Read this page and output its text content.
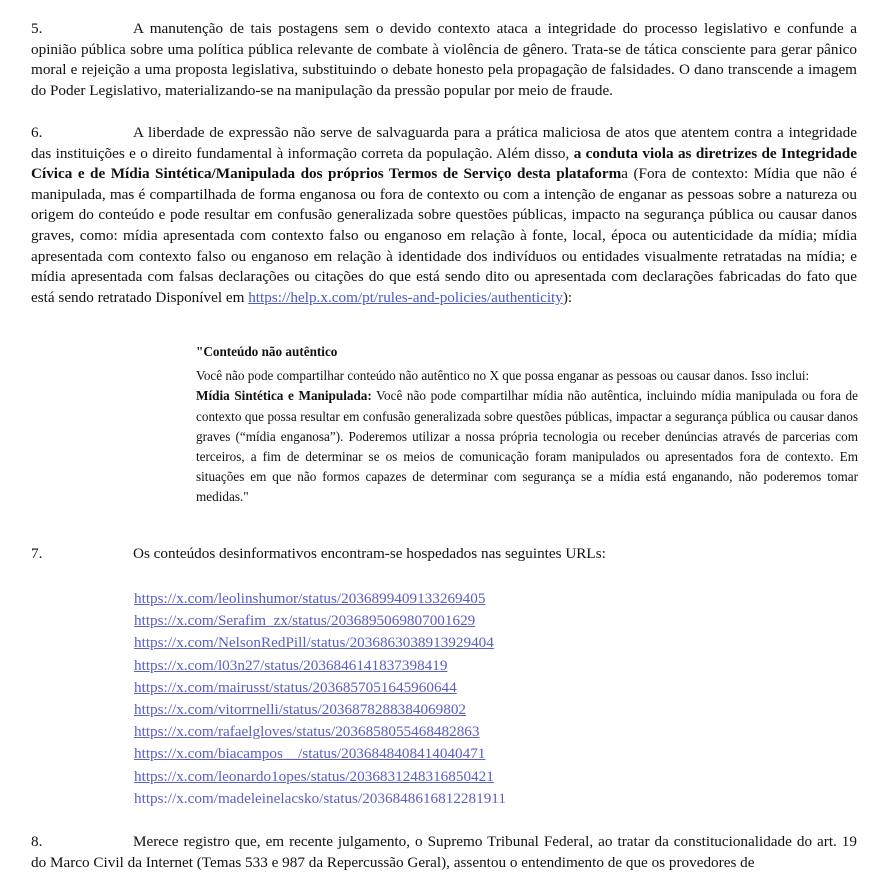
5.	A manutenção de tais postagens sem o devido contexto ataca a integridade do processo legislativo e confunde a opinião pública sobre uma política pública relevante de combate à violência de gênero. Trata-se de tática consciente para gerar pânico moral e rejeição a uma proposta legislativa, substituindo o debate honesto pela propagação de falsidades. O dano transcende a imagem do Poder Legislativo, materializando-se na manipulação da pressão popular por meio de fraude.
6.	A liberdade de expressão não serve de salvaguarda para a prática maliciosa de atos que atentem contra a integridade das instituições e o direito fundamental à informação correta da população. Além disso, a conduta viola as diretrizes de Integridade Cívica e de Mídia Sintética/Manipulada dos próprios Termos de Serviço desta plataforma (Fora de contexto: Mídia que não é manipulada, mas é compartilhada de forma enganosa ou fora de contexto ou com a intenção de enganar as pessoas sobre a natureza ou origem do conteúdo e pode resultar em confusão generalizada sobre questões públicas, impacto na segurança pública ou causar danos graves, como: mídia apresentada com contexto falso ou enganoso em relação à fonte, local, época ou autenticidade da mídia; mídia apresentada com contexto falso ou enganoso em relação à identidade dos indivíduos ou entidades visualmente retratadas na mídia; e mídia apresentada com falsas declarações ou citações do que está sendo dito ou apresentada com declarações fabricadas do fato que está sendo retratado Disponível em https://help.x.com/pt/rules-and-policies/authenticity):

"Conteúdo não autêntico

Você não pode compartilhar conteúdo não autêntico no X que possa enganar as pessoas ou causar danos. Isso inclui:

Mídia Sintética e Manipulada: Você não pode compartilhar mídia não autêntica, incluindo mídia manipulada ou fora de contexto que possa resultar em confusão generalizada sobre questões públicas, impactar a segurança pública ou causar danos graves (“mídia enganosa”). Poderemos utilizar a nossa própria tecnologia ou receber denúncias através de parcerias com terceiros, a fim de determinar se os meios de comunicação foram manipulados ou apresentados fora de contexto. Em situações em que não formos capazes de determinar com segurança se a mídia está enganando, não poderemos tomar medidas."

7.	Os conteúdos desinformativos encontram-se hospedados nas seguintes URLs:
https://x.com/leolinshumor/status/2036899409133269405
https://x.com/Serafim_zx/status/2036895069807001629
https://x.com/NelsonRedPill/status/2036863038913929404
https://x.com/l03n27/status/2036846141837398419
https://x.com/mairusst/status/2036857051645960644
https://x.com/vitorrnelli/status/2036878288384069802
https://x.com/rafaelgloves/status/2036858055468482863
https://x.com/biacampos__/status/2036848408414040471
https://x.com/leonardo1opes/status/2036831248316850421
https://x.com/madeleinelacsko/status/2036848616812281911
8.	Merece registro que, em recente julgamento, o Supremo Tribunal Federal, ao tratar da constitucionalidade do art. 19 do Marco Civil da Internet (Temas 533 e 987 da Repercussão Geral), assentou o entendimento de que os provedores de
